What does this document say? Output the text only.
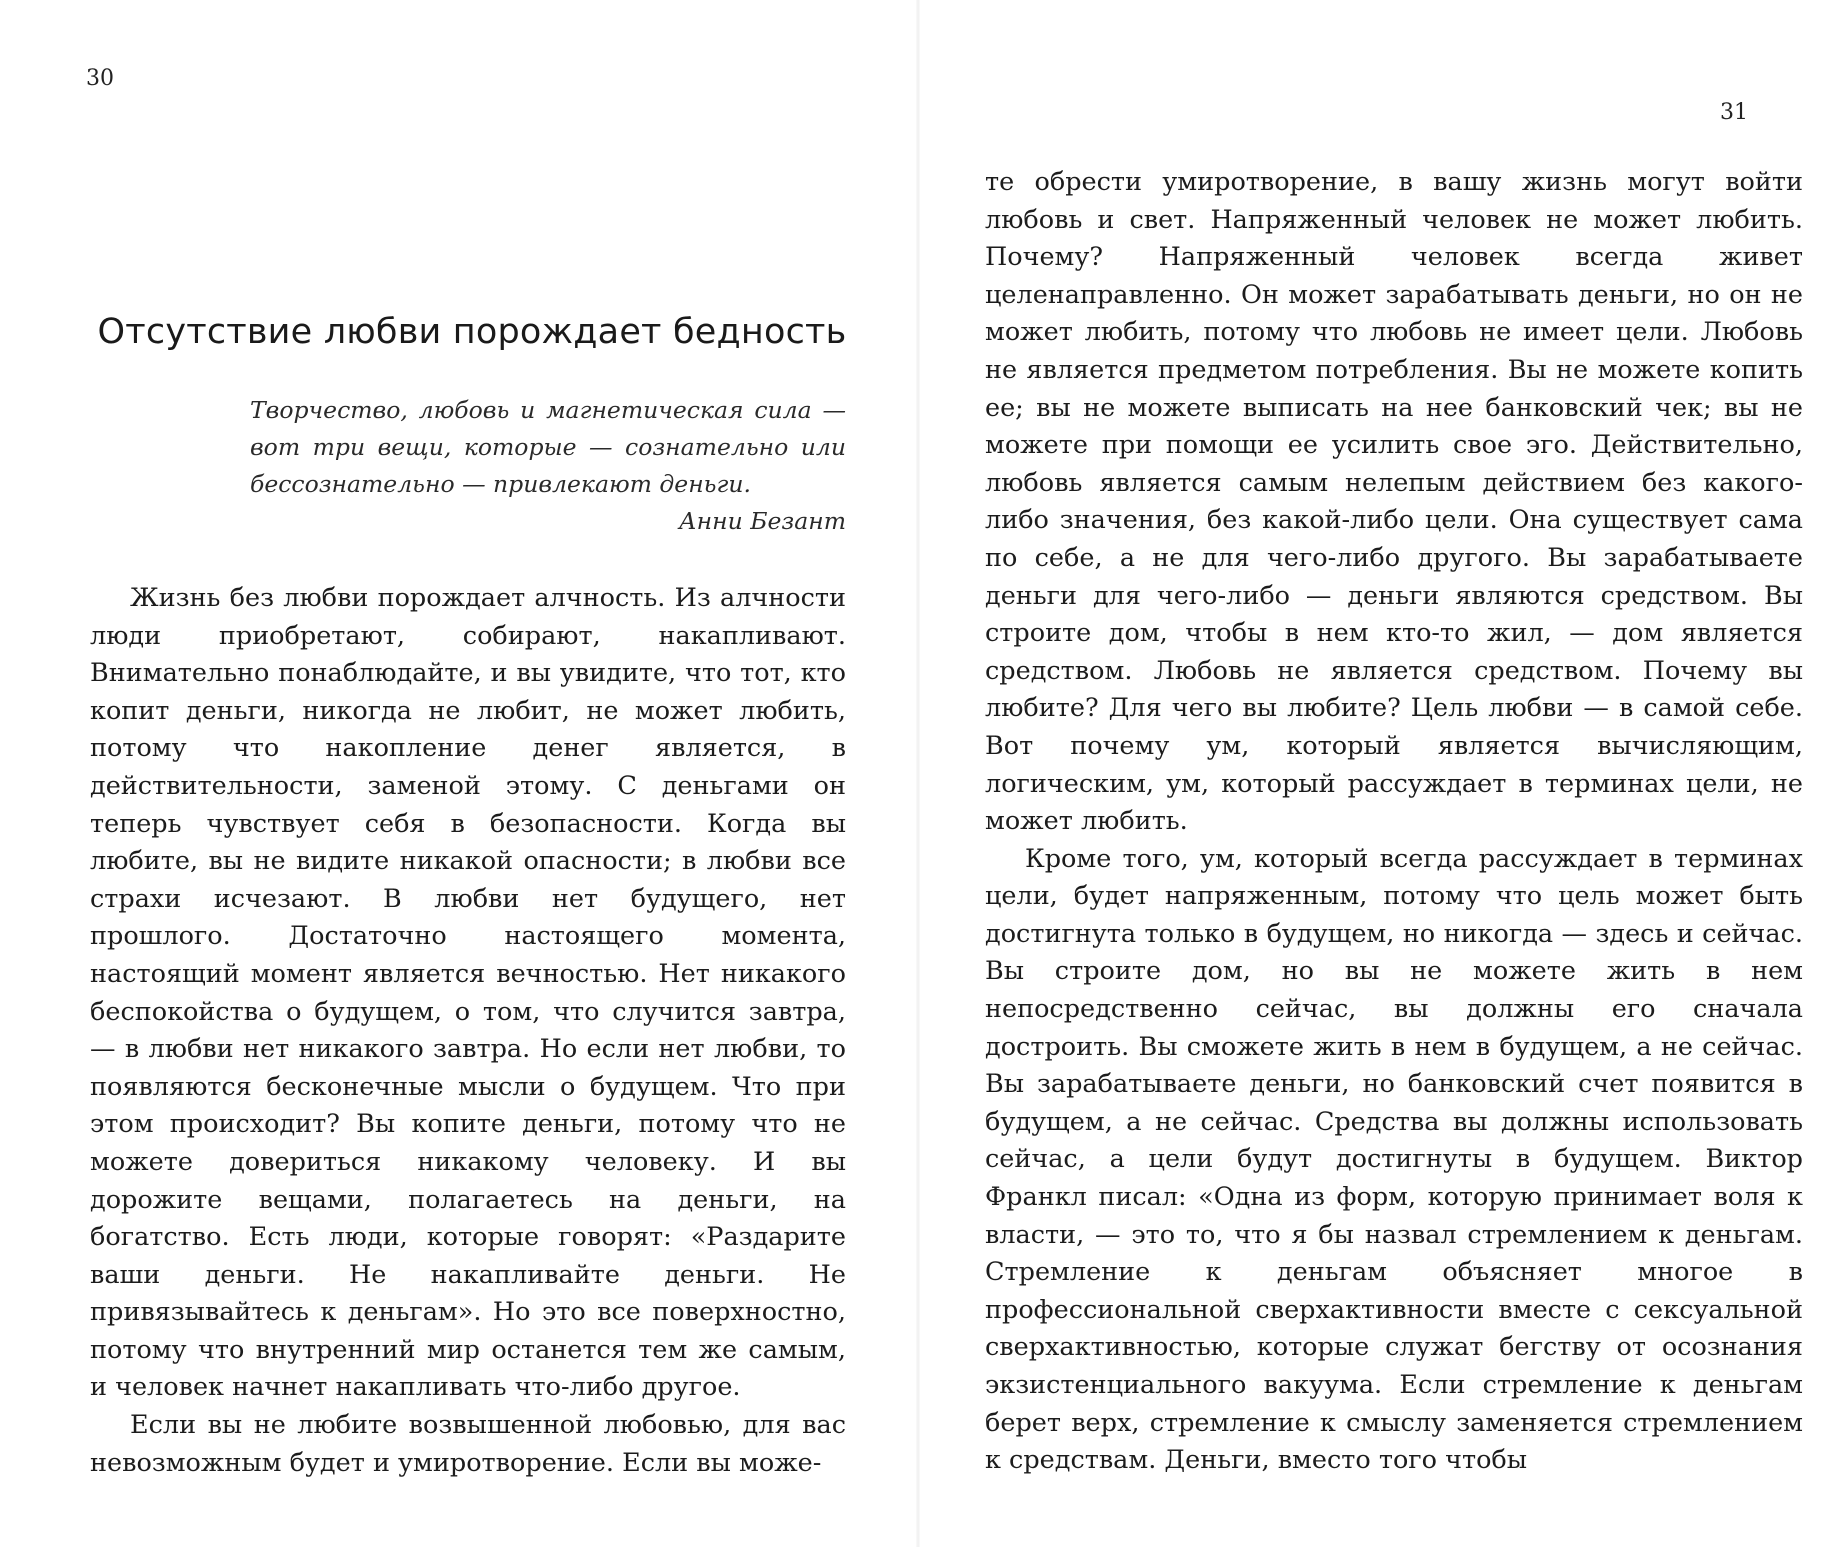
30
Отсутствие любви порождает бедность
Творчество, любовь и магнетическая сила — вот три вещи, которые — сознательно или бессознательно — привлекают деньги.
Анни Безант

Жизнь без любви порождает алчность. Из алчности люди приобретают, собирают, накапливают. Внимательно понаблюдайте, и вы увидите, что тот, кто копит деньги, никогда не любит, не может любить, потому что накопление денег является, в действительности, заменой этому. С деньгами он теперь чувствует себя в безопасности. Когда вы любите, вы не видите никакой опасности; в любви все страхи исчезают. В любви нет будущего, нет прошлого. Достаточно настоящего момента, настоящий момент является вечностью. Нет никакого беспокойства о будущем, о том, что случится завтра, — в любви нет никакого завтра. Но если нет любви, то появляются бесконечные мысли о будущем. Что при этом происходит? Вы копите деньги, потому что не можете довериться никакому человеку. И вы дорожите вещами, полагаетесь на деньги, на богатство. Есть люди, которые говорят: «Раздарите ваши деньги. Не накапливайте деньги. Не привязывайтесь к деньгам». Но это все поверхностно, потому что внутренний мир останется тем же самым, и человек начнет накапливать что-либо другое.

Если вы не любите возвышенной любовью, для вас невозможным будет и умиротворение. Если вы може-

31

те обрести умиротворение, в вашу жизнь могут войти любовь и свет. Напряженный человек не может любить. Почему? Напряженный человек всегда живет целенаправленно. Он может зарабатывать деньги, но он не может любить, потому что любовь не имеет цели. Любовь не является предметом потребления. Вы не можете копить ее; вы не можете выписать на нее банковский чек; вы не можете при помощи ее усилить свое эго. Действительно, любовь является самым нелепым действием без какого-либо значения, без какой-либо цели. Она существует сама по себе, а не для чего-либо другого. Вы зарабатываете деньги для чего-либо — деньги являются средством. Вы строите дом, чтобы в нем кто-то жил, — дом является средством. Любовь не является средством. Почему вы любите? Для чего вы любите? Цель любви — в самой себе. Вот почему ум, который является вычисляющим, логическим, ум, который рассуждает в терминах цели, не может любить.

Кроме того, ум, который всегда рассуждает в терминах цели, будет напряженным, потому что цель может быть достигнута только в будущем, но никогда — здесь и сейчас. Вы строите дом, но вы не можете жить в нем непосредственно сейчас, вы должны его сначала достроить. Вы сможете жить в нем в будущем, а не сейчас. Вы зарабатываете деньги, но банковский счет появится в будущем, а не сейчас. Средства вы должны использовать сейчас, а цели будут достигнуты в будущем. Виктор Франкл писал: «Одна из форм, которую принимает воля к власти, — это то, что я бы назвал стремлением к деньгам. Стремление к деньгам объясняет многое в профессиональной сверхактивности вместе с сексуальной сверхактивностью, которые служат бегству от осознания экзистенциального вакуума. Если стремление к деньгам берет верх, стремление к смыслу заменяется стремлением к средствам. Деньги, вместо того чтобы
